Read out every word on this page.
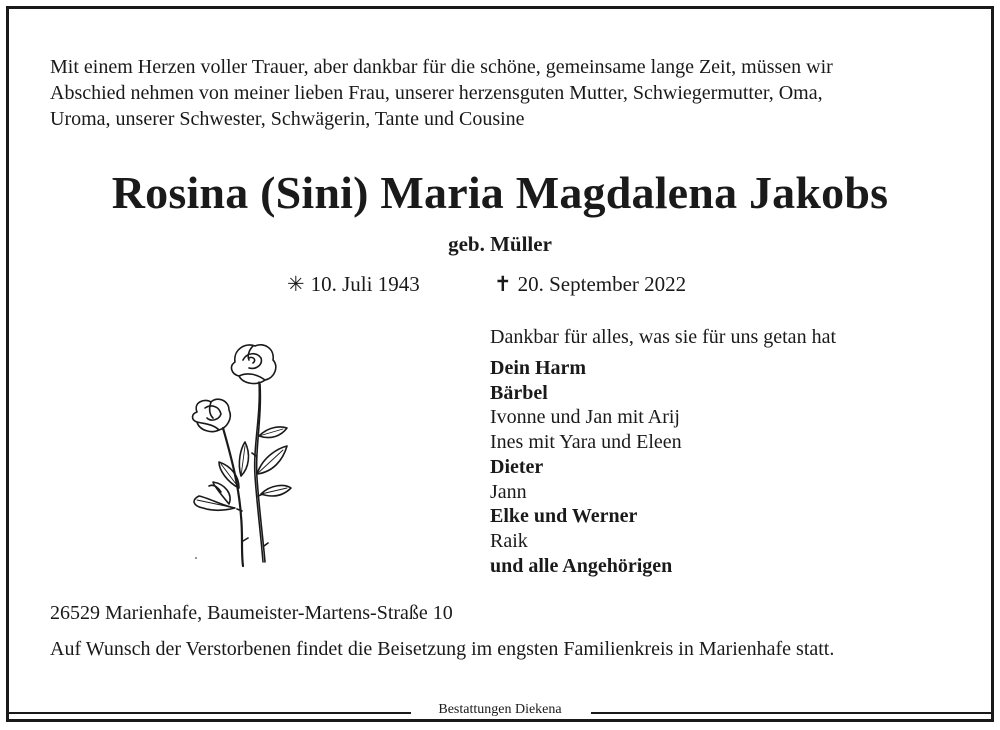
Mit einem Herzen voller Trauer, aber dankbar für die schöne, gemeinsame lange Zeit, müssen wir
Abschied nehmen von meiner lieben Frau, unserer herzensguten Mutter, Schwiegermutter, Oma,
Uroma, unserer Schwester, Schwägerin, Tante und Cousine
Rosina (Sini) Maria Magdalena Jakobs
geb. Müller
✳ 10. Juli 1943	✝ 20. September 2022
Dankbar für alles, was sie für uns getan hat
Dein Harm
Bärbel
Ivonne und Jan mit Arij
Ines mit Yara und Eleen
Dieter
Jann
Elke und Werner
Raik
und alle Angehörigen
26529 Marienhafe, Baumeister-Martens-Straße 10
Auf Wunsch der Verstorbenen findet die Beisetzung im engsten Familienkreis in Marienhafe statt.
Bestattungen Diekena
